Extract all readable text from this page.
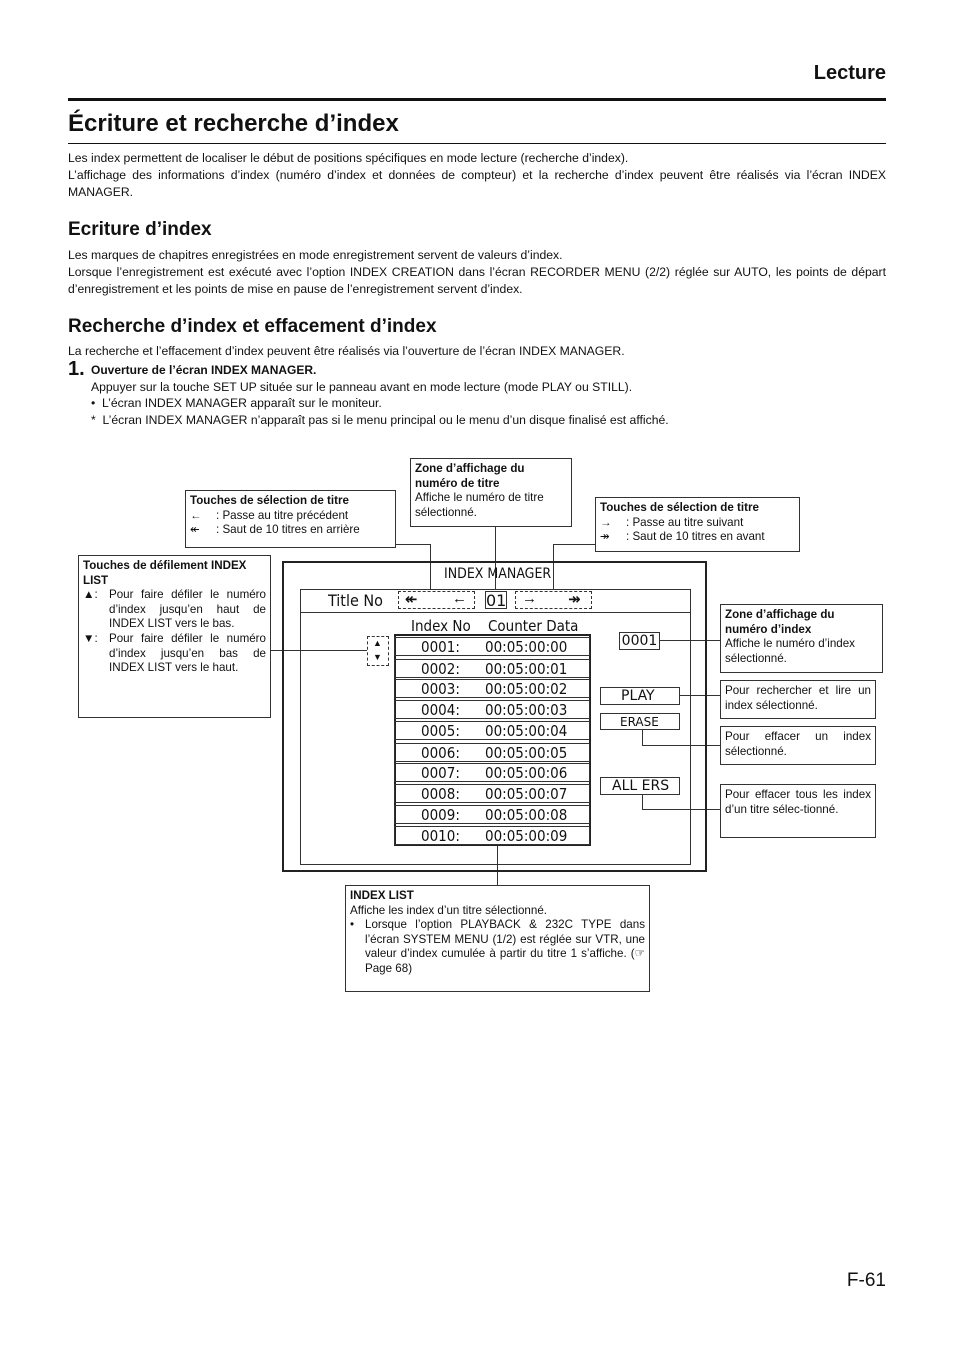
Lecture
Écriture et recherche d’index
Les index permettent de localiser le début de positions spécifiques en mode lecture (recherche d’index).
L’affichage des informations d’index (numéro d’index et données de compteur) et la recherche d’index peuvent être réalisés via l’écran INDEX MANAGER.
Ecriture d’index
Les marques de chapitres enregistrées en mode enregistrement servent de valeurs d’index.
Lorsque l’enregistrement est exécuté avec l’option INDEX CREATION dans l’écran RECORDER MENU (2/2) réglée sur AUTO, les points de départ d’enregistrement et les points de mise en pause de l’enregistrement servent d’index.
Recherche d’index et effacement d’index
La recherche et l’effacement d’index peuvent être réalisés via l’ouverture de l’écran INDEX MANAGER.
1. Ouverture de l’écran INDEX MANAGER.
Appuyer sur la touche SET UP située sur le panneau avant en mode lecture (mode PLAY ou STILL).
•  L’écran INDEX MANAGER apparaît sur le moniteur.
*  L’écran INDEX MANAGER n’apparaît pas si le menu principal ou le menu d’un disque finalisé est affiché.
Zone d’affichage du numéro de titre
Affiche le numéro de titre sélectionné.
Touches de sélection de titre
←	: Passe au titre précédent
↞	: Saut de 10 titres en arrière
Touches de sélection de titre
→	: Passe au titre suivant
↠	: Saut de 10 titres en avant
Touches de défilement INDEX LIST
▲: Pour faire défiler le numéro d’index jusqu’en haut de INDEX LIST vers le bas.
▼: Pour faire défiler le numéro d’index jusqu’en bas de INDEX LIST vers le haut.
Zone d’affichage du numéro d’index
Affiche le numéro d’index sélectionné.
Pour rechercher et lire un index sélectionné.
Pour effacer un index sélectionné.
Pour effacer tous les index d’un titre sélec-tionné.
INDEX LIST
Affiche les index d’un titre sélectionné.
• Lorsque l’option PLAYBACK & 232C TYPE dans l’écran SYSTEM MENU (1/2) est réglée sur VTR, une valeur d’index cumulée à partir du titre 1 s’affiche. (☞ Page 68)
INDEX MANAGER
Title No ↞ ← 01 → ↠
Index No Counter Data
▲
▼
0001: 00:05:00:00
0002: 00:05:00:01
0003: 00:05:00:02
0004: 00:05:00:03
0005: 00:05:00:04
0006: 00:05:00:05
0007: 00:05:00:06
0008: 00:05:00:07
0009: 00:05:00:08
0010: 00:05:00:09
0001
PLAY
ERASE
ALL ERS
F-61
